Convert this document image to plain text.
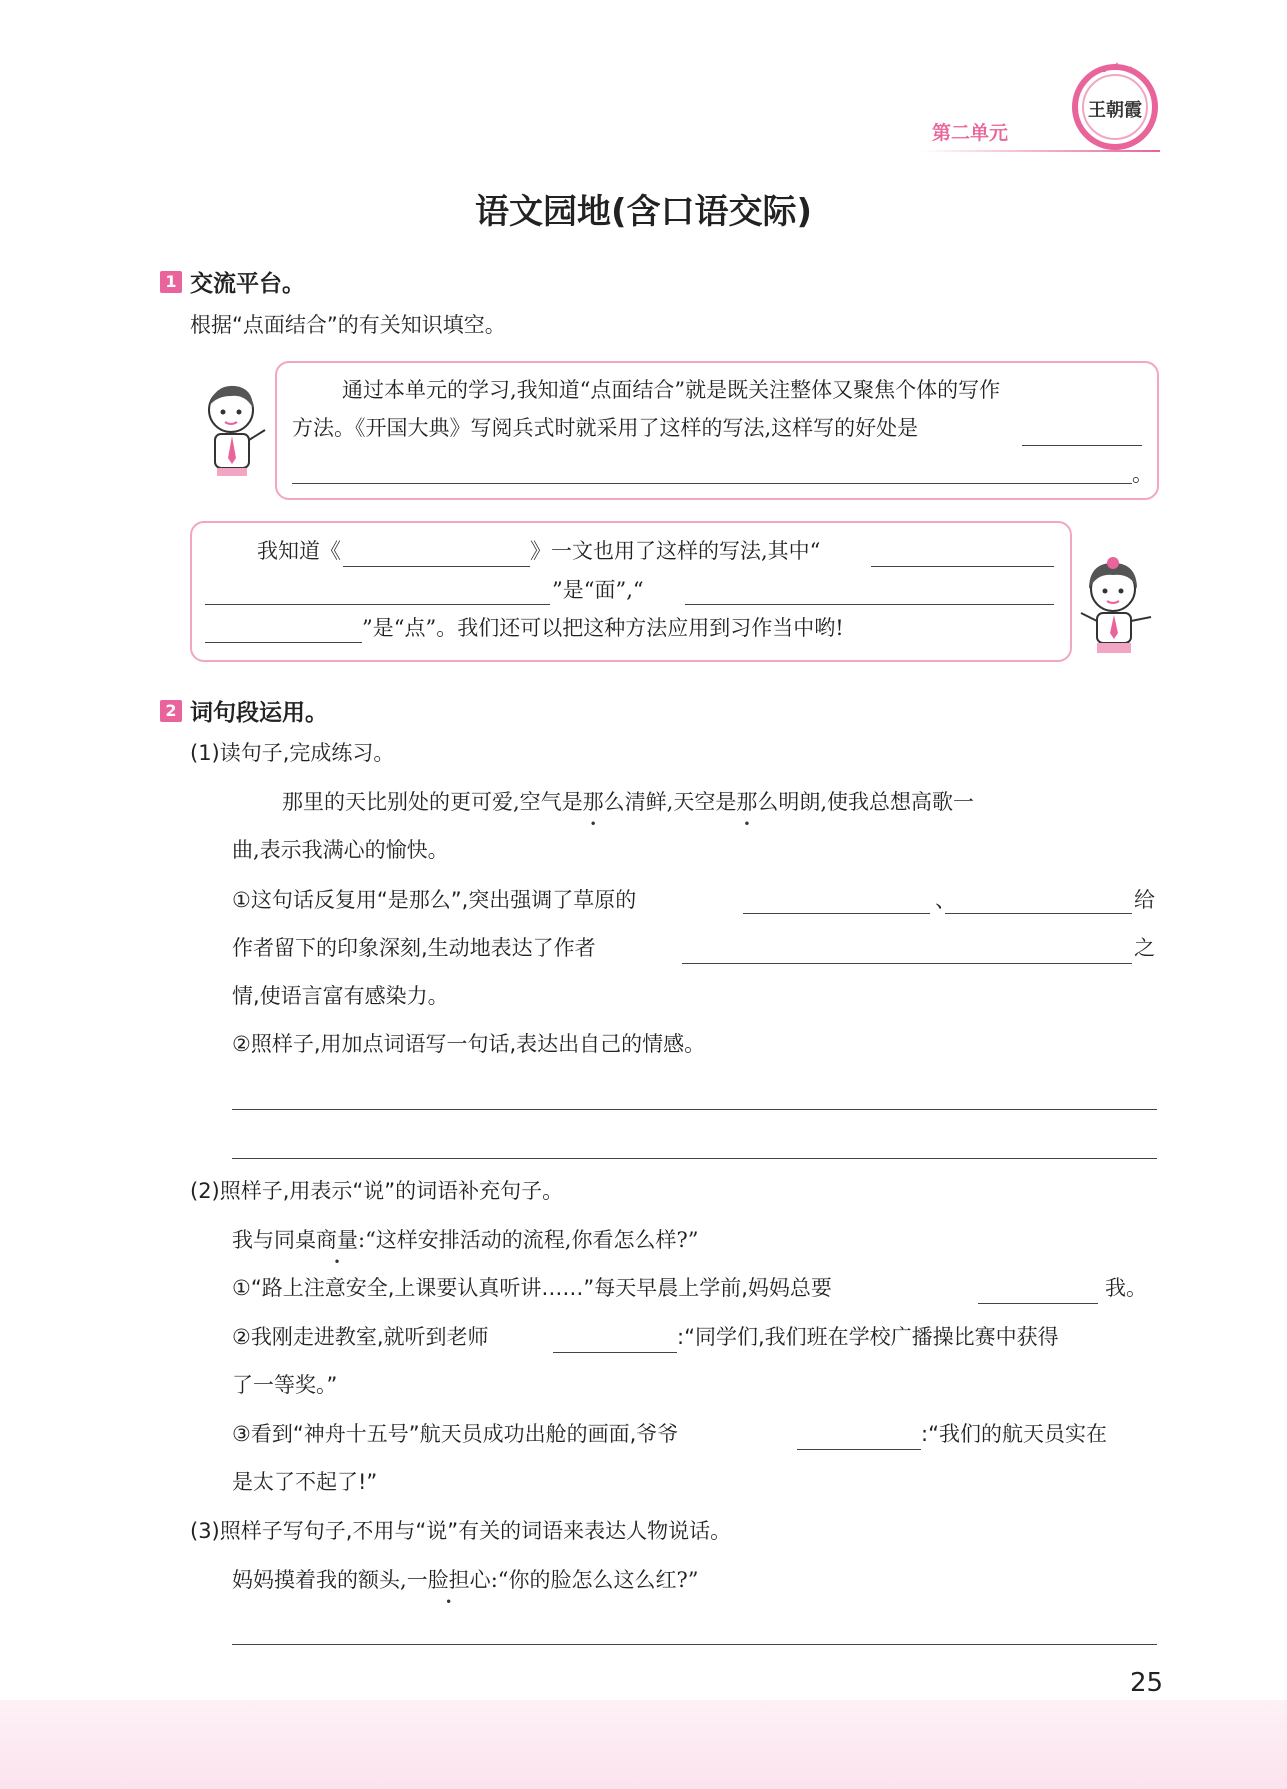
第二单元
王朝霞
语文园地(含口语交际)
1 交流平台。
根据“点面结合”的有关知识填空。
通过本单元的学习,我知道“点面结合”就是既关注整体又聚焦个体的写作
方法。《开国大典》写阅兵式时就采用了这样的写法,这样写的好处是
。
我知道《	》一文也用了这样的写法,其中“
”是“面”,“
”是“点”。我们还可以把这种方法应用到习作当中哟!
2 词句段运用。
(1)读句子,完成练习。
那里的天比别处的更可爱,空气是那么清鲜,天空是那么明朗,使我总想高歌一
曲,表示我满心的愉快。
①这句话反复用“是那么”,突出强调了草原的	、	给
作者留下的印象深刻,生动地表达了作者	之
情,使语言富有感染力。
②照样子,用加点词语写一句话,表达出自己的情感。
(2)照样子,用表示“说”的词语补充句子。
我与同桌商量:“这样安排活动的流程,你看怎么样?”
①“路上注意安全,上课要认真听讲……”每天早晨上学前,妈妈总要	我。
②我刚走进教室,就听到老师	:“同学们,我们班在学校广播操比赛中获得
了一等奖。”
③看到“神舟十五号”航天员成功出舱的画面,爷爷	:“我们的航天员实在
是太了不起了!”
(3)照样子写句子,不用与“说”有关的词语来表达人物说话。
妈妈摸着我的额头,一脸担心:“你的脸怎么这么红?”
25
